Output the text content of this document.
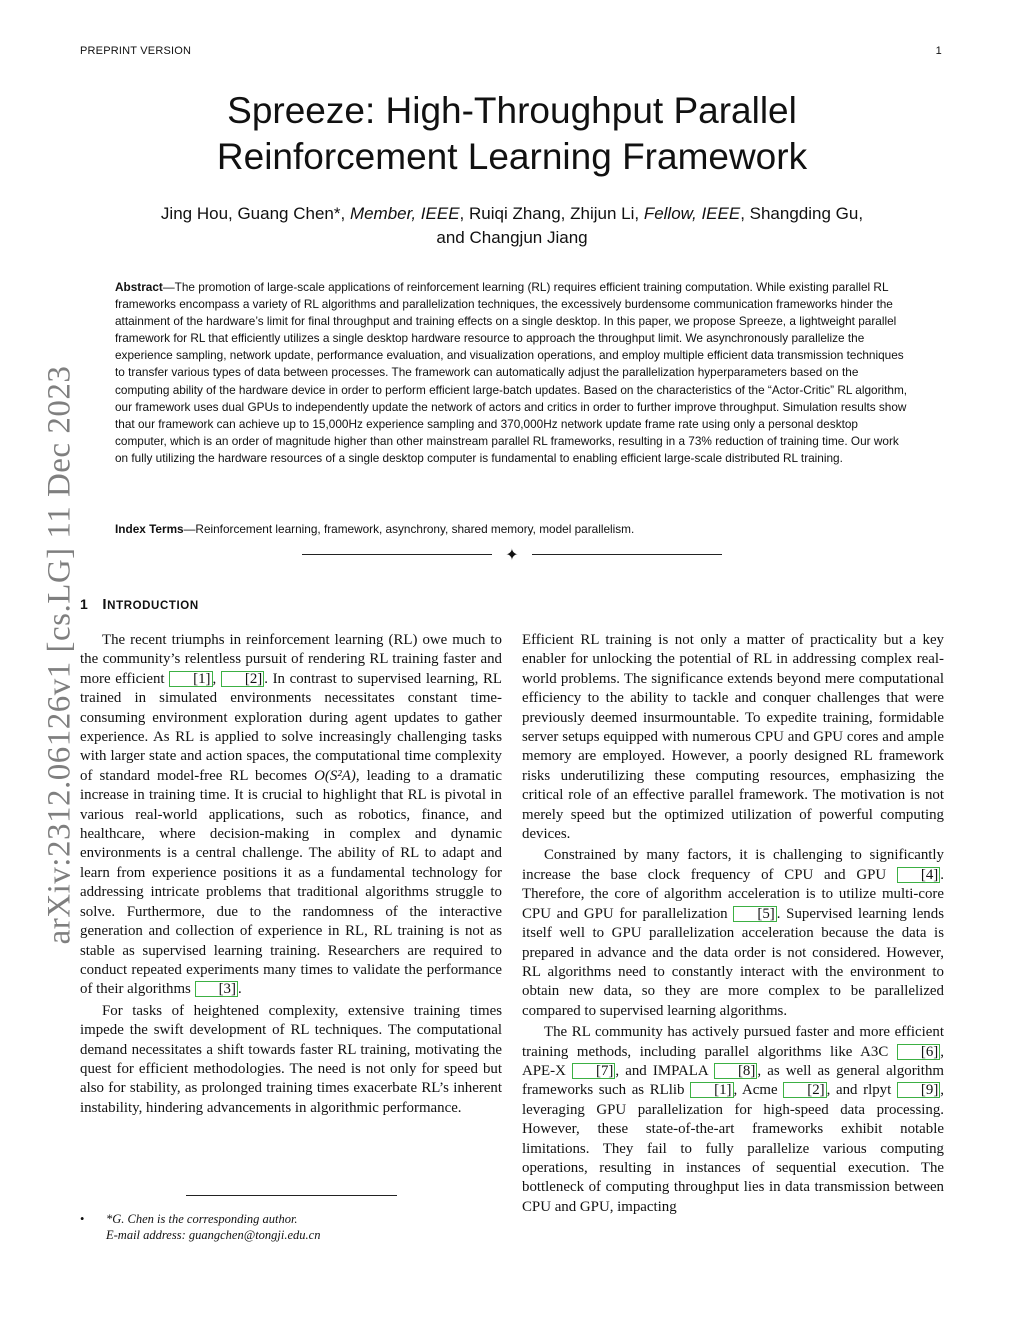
PREPRINT VERSION	1
arXiv:2312.06126v1 [cs.LG] 11 Dec 2023
Spreeze: High-Throughput Parallel
Reinforcement Learning Framework
Jing Hou, Guang Chen*, Member, IEEE, Ruiqi Zhang, Zhijun Li, Fellow, IEEE, Shangding Gu,
and Changjun Jiang
Abstract—The promotion of large-scale applications of reinforcement learning (RL) requires efficient training computation. While existing parallel RL frameworks encompass a variety of RL algorithms and parallelization techniques, the excessively burdensome communication frameworks hinder the attainment of the hardware’s limit for final throughput and training effects on a single desktop. In this paper, we propose Spreeze, a lightweight parallel framework for RL that efficiently utilizes a single desktop hardware resource to approach the throughput limit. We asynchronously parallelize the experience sampling, network update, performance evaluation, and visualization operations, and employ multiple efficient data transmission techniques to transfer various types of data between processes. The framework can automatically adjust the parallelization hyperparameters based on the computing ability of the hardware device in order to perform efficient large-batch updates. Based on the characteristics of the “Actor-Critic” RL algorithm, our framework uses dual GPUs to independently update the network of actors and critics in order to further improve throughput. Simulation results show that our framework can achieve up to 15,000Hz experience sampling and 370,000Hz network update frame rate using only a personal desktop computer, which is an order of magnitude higher than other mainstream parallel RL frameworks, resulting in a 73% reduction of training time. Our work on fully utilizing the hardware resources of a single desktop computer is fundamental to enabling efficient large-scale distributed RL training.
Index Terms—Reinforcement learning, framework, asynchrony, shared memory, model parallelism.
✦
1 INTRODUCTION

The recent triumphs in reinforcement learning (RL) owe much to the community’s relentless pursuit of rendering RL training faster and more efficient [1] , [2] . In contrast to supervised learning, RL trained in simulated environments necessitates constant time-consuming environment exploration during agent updates to gather experience. As RL is applied to solve increasingly challenging tasks with larger state and action spaces, the computational time complexity of standard model-free RL becomes O(S²A), leading to a dramatic increase in training time. It is crucial to highlight that RL is pivotal in various real-world applications, such as robotics, finance, and healthcare, where decision-making in complex and dynamic environments is a central challenge. The ability of RL to adapt and learn from experience positions it as a fundamental technology for addressing intricate problems that traditional algorithms struggle to solve. Furthermore, due to the randomness of the interactive generation and collection of experience in RL, RL training is not as stable as supervised learning training. Researchers are required to conduct repeated experiments many times to validate the performance of their algorithms [3] .

For tasks of heightened complexity, extensive training times impede the swift development of RL techniques. The computational demand necessitates a shift towards faster RL training, motivating the quest for efficient methodologies. The need is not only for speed but also for stability, as prolonged training times exacerbate RL’s inherent instability, hindering advancements in algorithmic performance.

Efficient RL training is not only a matter of practicality but a key enabler for unlocking the potential of RL in addressing complex real-world problems. The significance extends beyond mere computational efficiency to the ability to tackle and conquer challenges that were previously deemed insurmountable. To expedite training, formidable server setups equipped with numerous CPU and GPU cores and ample memory are employed. However, a poorly designed RL framework risks underutilizing these computing resources, emphasizing the critical role of an effective parallel framework. The motivation is not merely speed but the optimized utilization of powerful computing devices.

Constrained by many factors, it is challenging to significantly increase the base clock frequency of CPU and GPU [4] . Therefore, the core of algorithm acceleration is to utilize multi-core CPU and GPU for parallelization [5] . Supervised learning lends itself well to GPU parallelization acceleration because the data is prepared in advance and the data order is not considered. However, RL algorithms need to constantly interact with the environment to obtain new data, so they are more complex to be parallelized compared to supervised learning algorithms.

The RL community has actively pursued faster and more efficient training methods, including parallel algorithms like A3C [6] , APE-X [7] , and IMPALA [8] , as well as general algorithm frameworks such as RLlib [1] , Acme [2] , and rlpyt [9] , leveraging GPU parallelization for high-speed data processing. However, these state-of-the-art frameworks exhibit notable limitations. They fail to fully parallelize various computing operations, resulting in instances of sequential execution. The bottleneck of computing throughput lies in data transmission between CPU and GPU, impacting

• *G. Chen is the corresponding author.
E-mail address: guangchen@tongji.edu.cn
